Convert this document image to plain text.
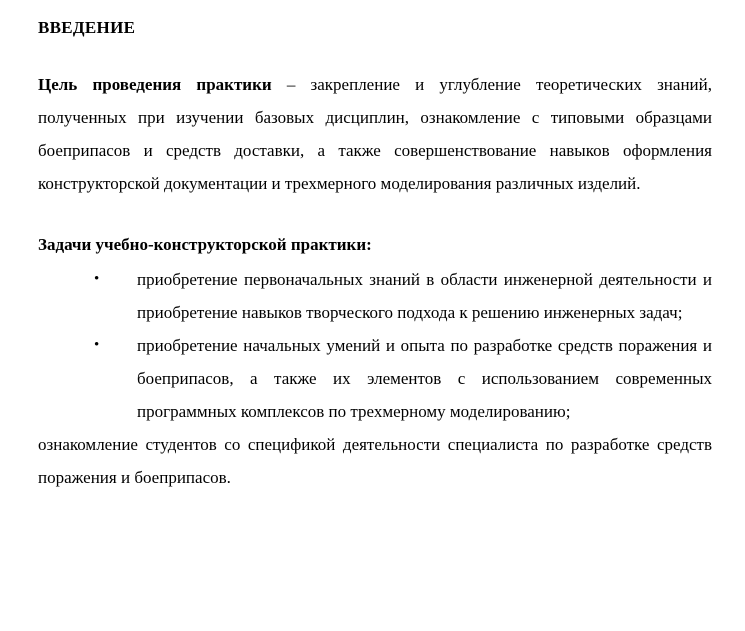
ВВЕДЕНИЕ

Цель проведения практики – закрепление и углубление теоретических знаний, полученных при изучении базовых дисциплин, ознакомление с типовыми образцами боеприпасов и средств доставки, а также совершенствование навыков оформления конструкторской документации и трехмерного моделирования различных изделий.

Задачи учебно-конструкторской практики:

• приобретение первоначальных знаний в области инженерной деятельности и приобретение навыков творческого подхода к решению инженерных задач;
• приобретение начальных умений и опыта по разработке средств поражения и боеприпасов, а также их элементов с использованием современных программных комплексов по трехмерному моделированию;

ознакомление студентов со спецификой деятельности специалиста по разработке средств поражения и боеприпасов.
